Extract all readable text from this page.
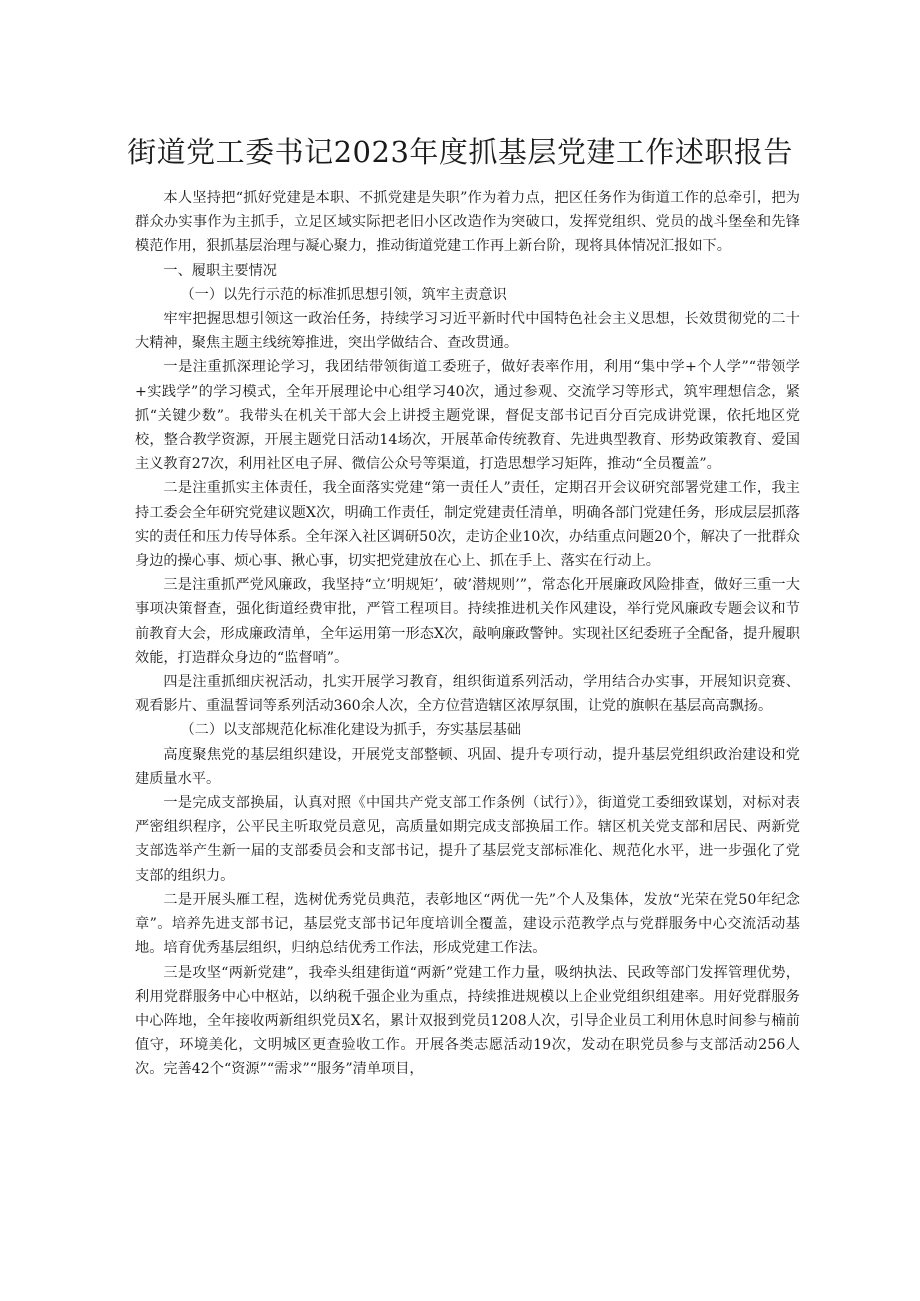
街道党工委书记2023年度抓基层党建工作述职报告

本人坚持把“抓好党建是本职、不抓党建是失职”作为着力点，把区任务作为街道工作的总牵引，把为群众办实事作为主抓手，立足区域实际把老旧小区改造作为突破口，发挥党组织、党员的战斗堡垒和先锋模范作用，狠抓基层治理与凝心聚力，推动街道党建工作再上新台阶，现将具体情况汇报如下。

一、履职主要情况

（一）以先行示范的标准抓思想引领，筑牢主责意识

牢牢把握思想引领这一政治任务，持续学习习近平新时代中国特色社会主义思想，长效贯彻党的二十大精神，聚焦主题主线统筹推进，突出学做结合、查改贯通。

一是注重抓深理论学习，我团结带领街道工委班子，做好表率作用，利用“集中学+个人学”“带领学+实践学”的学习模式，全年开展理论中心组学习40次，通过参观、交流学习等形式，筑牢理想信念，紧抓“关键少数”。我带头在机关干部大会上讲授主题党课，督促支部书记百分百完成讲党课，依托地区党校，整合教学资源，开展主题党日活动14场次，开展革命传统教育、先进典型教育、形势政策教育、爱国主义教育27次，利用社区电子屏、微信公众号等渠道，打造思想学习矩阵，推动“全员覆盖”。

二是注重抓实主体责任，我全面落实党建“第一责任人”责任，定期召开会议研究部署党建工作，我主持工委会全年研究党建议题X次，明确工作责任，制定党建责任清单，明确各部门党建任务，形成层层抓落实的责任和压力传导体系。全年深入社区调研50次，走访企业10次，办结重点问题20个，解决了一批群众身边的操心事、烦心事、揪心事，切实把党建放在心上、抓在手上、落实在行动上。

三是注重抓严党风廉政，我坚持“立’明规矩’，破’潜规则’”，常态化开展廉政风险排查，做好三重一大事项决策督查，强化街道经费审批，严管工程项目。持续推进机关作风建设，举行党风廉政专题会议和节前教育大会，形成廉政清单，全年运用第一形态X次，敲响廉政警钟。实现社区纪委班子全配备，提升履职效能，打造群众身边的“监督哨”。

四是注重抓细庆祝活动，扎实开展学习教育，组织街道系列活动，学用结合办实事，开展知识竞赛、观看影片、重温誓词等系列活动360余人次，全方位营造辖区浓厚氛围，让党的旗帜在基层高高飘扬。

（二）以支部规范化标准化建设为抓手，夯实基层基础

高度聚焦党的基层组织建设，开展党支部整顿、巩固、提升专项行动，提升基层党组织政治建设和党建质量水平。

一是完成支部换届，认真对照《中国共产党支部工作条例（试行）》，街道党工委细致谋划，对标对表严密组织程序，公平民主听取党员意见，高质量如期完成支部换届工作。辖区机关党支部和居民、两新党支部选举产生新一届的支部委员会和支部书记，提升了基层党支部标准化、规范化水平，进一步强化了党支部的组织力。

二是开展头雁工程，选树优秀党员典范，表彰地区“两优一先”个人及集体，发放“光荣在党50年纪念章”。培养先进支部书记，基层党支部书记年度培训全覆盖，建设示范教学点与党群服务中心交流活动基地。培育优秀基层组织，归纳总结优秀工作法，形成党建工作法。

三是攻坚“两新党建”，我牵头组建街道“两新”党建工作力量，吸纳执法、民政等部门发挥管理优势，利用党群服务中心中枢站，以纳税千强企业为重点，持续推进规模以上企业党组织组建率。用好党群服务中心阵地，全年接收两新组织党员X名，累计双报到党员1208人次，引导企业员工利用休息时间参与楠前值守，环境美化，文明城区更查验收工作。开展各类志愿活动19次，发动在职党员参与支部活动256人次。完善42个“资源”“需求”“服务”清单项目，
